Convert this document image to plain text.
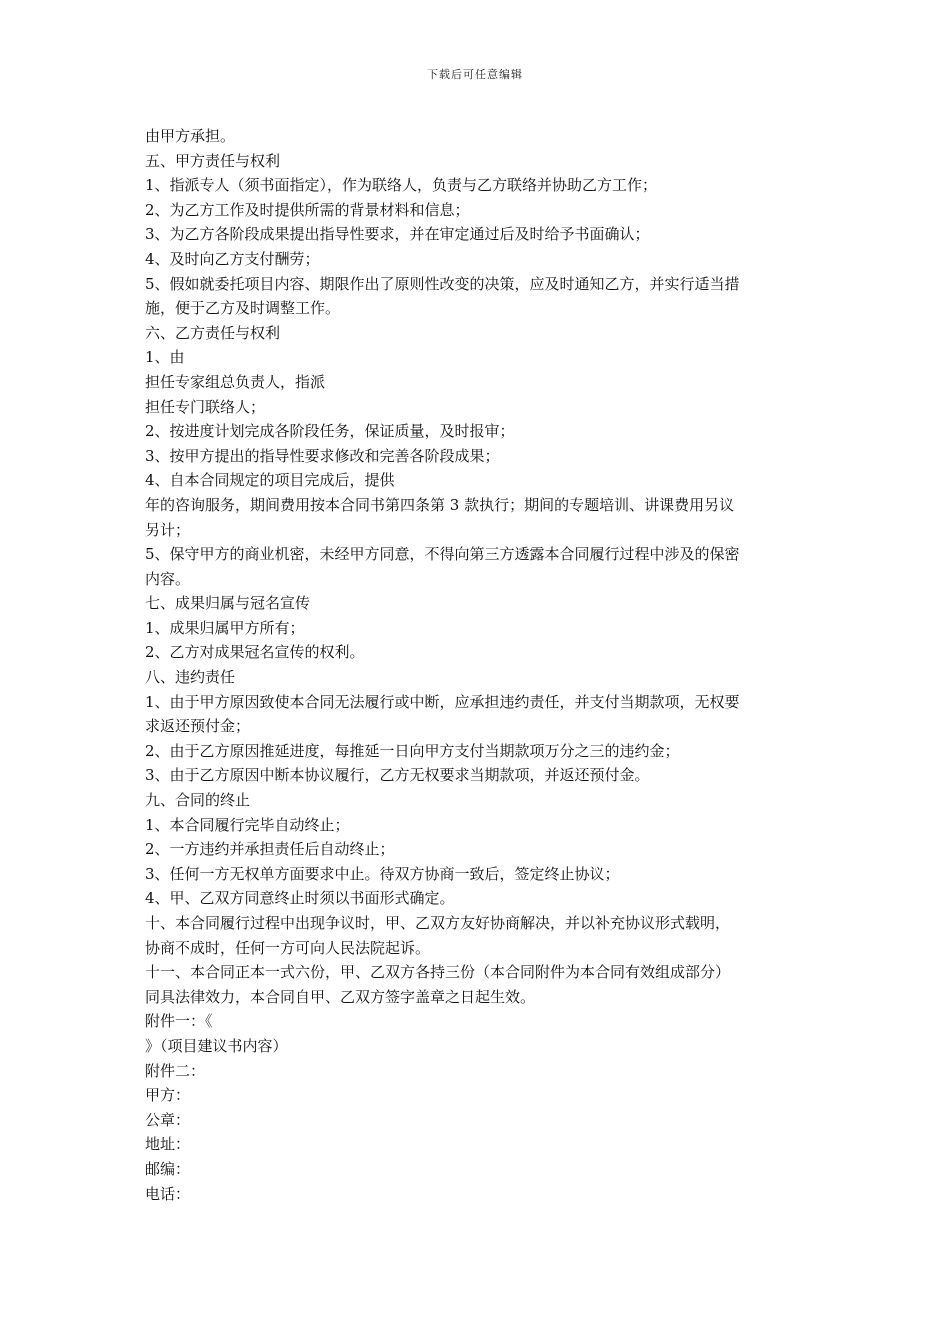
下载后可任意编辑
由甲方承担。
五、甲方责任与权利
1、指派专人（须书面指定），作为联络人，负责与乙方联络并协助乙方工作；
2、为乙方工作及时提供所需的背景材料和信息；
3、为乙方各阶段成果提出指导性要求，并在审定通过后及时给予书面确认；
4、及时向乙方支付酬劳；
5、假如就委托项目内容、期限作出了原则性改变的决策，应及时通知乙方，并实行适当措
施，便于乙方及时调整工作。
六、乙方责任与权利
1、由
担任专家组总负责人，指派
担任专门联络人；
2、按进度计划完成各阶段任务，保证质量，及时报审；
3、按甲方提出的指导性要求修改和完善各阶段成果；
4、自本合同规定的项目完成后，提供
年的咨询服务，期间费用按本合同书第四条第 3 款执行；期间的专题培训、讲课费用另议
另计；
5、保守甲方的商业机密，未经甲方同意，不得向第三方透露本合同履行过程中涉及的保密
内容。
七、成果归属与冠名宣传
1、成果归属甲方所有；
2、乙方对成果冠名宣传的权利。
八、违约责任
1、由于甲方原因致使本合同无法履行或中断，应承担违约责任，并支付当期款项，无权要
求返还预付金；
2、由于乙方原因推延进度，每推延一日向甲方支付当期款项万分之三的违约金；
3、由于乙方原因中断本协议履行，乙方无权要求当期款项，并返还预付金。
九、合同的终止
1、本合同履行完毕自动终止；
2、一方违约并承担责任后自动终止；
3、任何一方无权单方面要求中止。待双方协商一致后，签定终止协议；
4、甲、乙双方同意终止时须以书面形式确定。
十、本合同履行过程中出现争议时，甲、乙双方友好协商解决，并以补充协议形式载明，
协商不成时，任何一方可向人民法院起诉。
十一、本合同正本一式六份，甲、乙双方各持三份（本合同附件为本合同有效组成部分）
同具法律效力，本合同自甲、乙双方签字盖章之日起生效。
附件一：《
》（项目建议书内容）
附件二：
甲方：
公章：
地址：
邮编：
电话：
